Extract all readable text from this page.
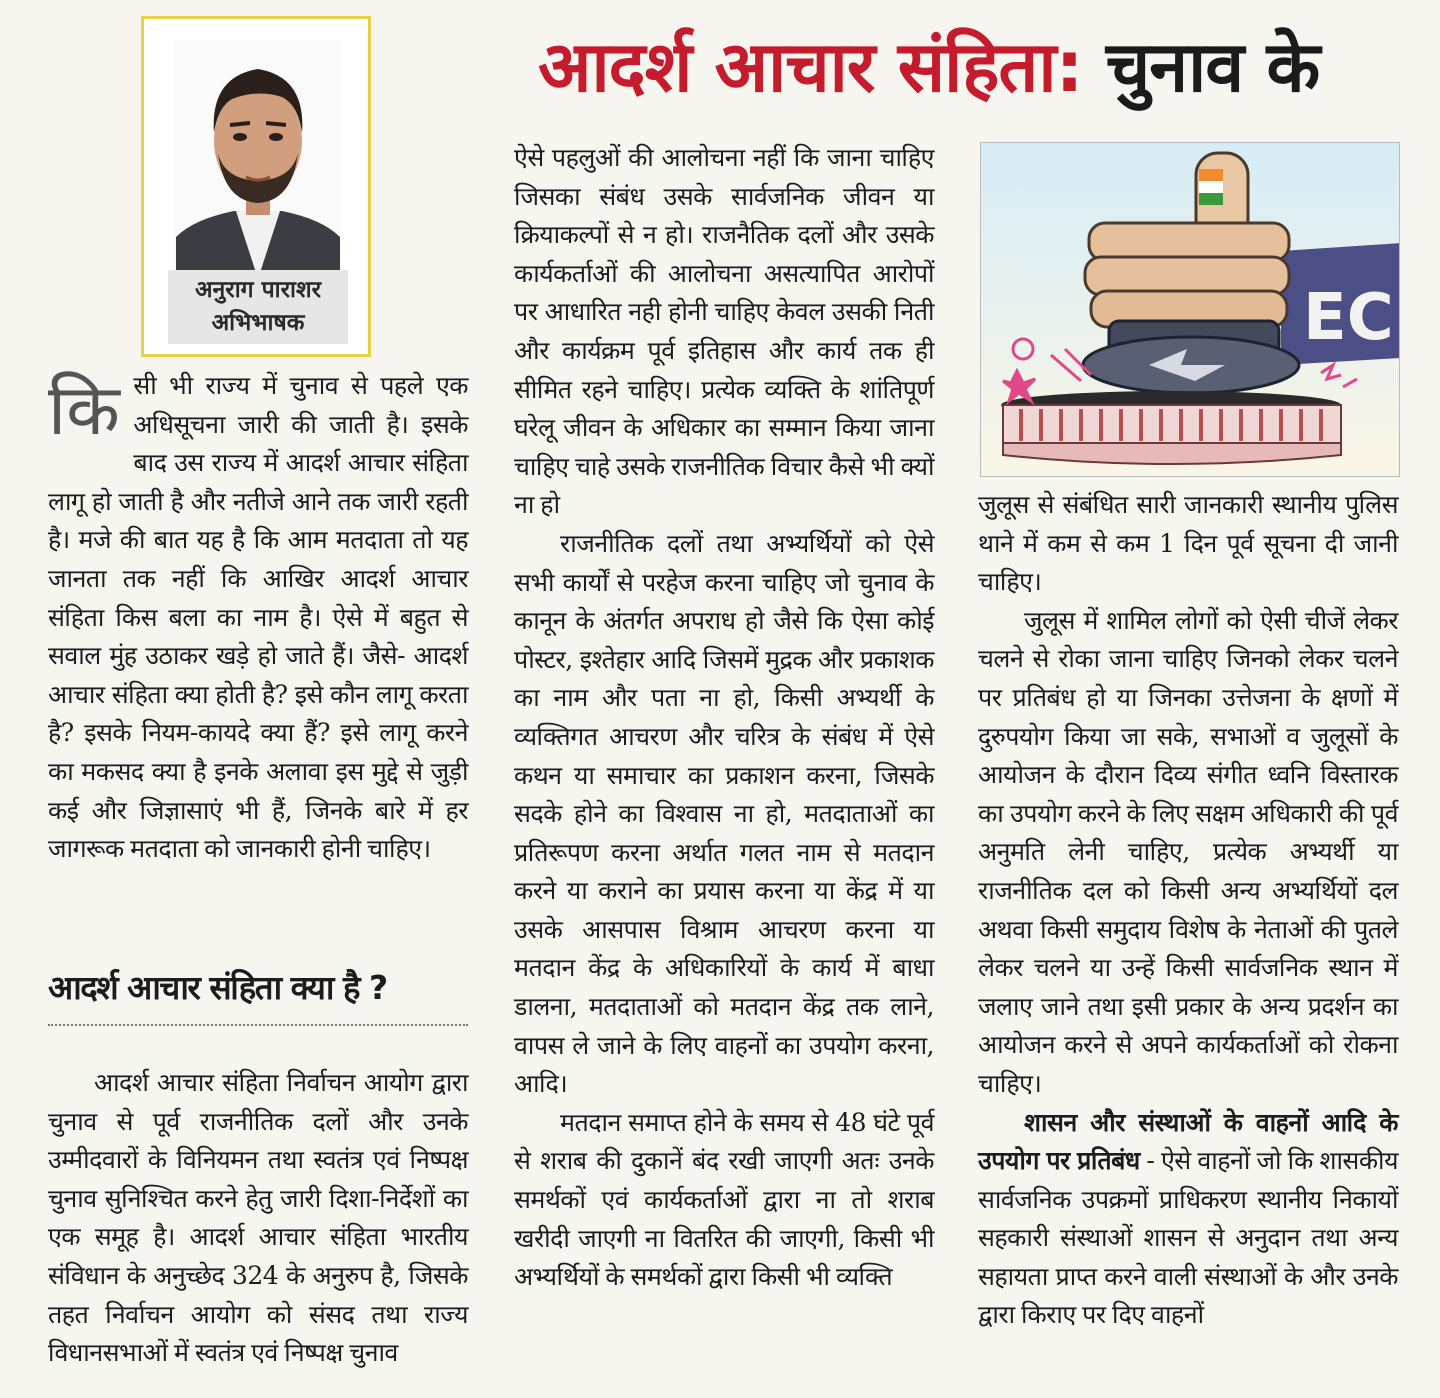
आदर्श आचार संहिता: चुनाव के
अनुराग पाराशर
अभिभाषक
कि सी भी राज्य में चुनाव से पहले एक अधिसूचना जारी की जाती है। इसके बाद उस राज्य में आदर्श आचार संहिता लागू हो जाती है और नतीजे आने तक जारी रहती है। मजे की बात यह है कि आम मतदाता तो यह जानता तक नहीं कि आखिर आदर्श आचार संहिता किस बला का नाम है। ऐसे में बहुत से सवाल मुंह उठाकर खड़े हो जाते हैं। जैसे- आदर्श आचार संहिता क्या होती है? इसे कौन लागू करता है? इसके नियम-कायदे क्या हैं? इसे लागू करने का मकसद क्या है इनके अलावा इस मुद्दे से जुड़ी कई और जिज्ञासाएं भी हैं, जिनके बारे में हर जागरूक मतदाता को जानकारी होनी चाहिए।

आदर्श आचार संहिता क्या है ?

आदर्श आचार संहिता निर्वाचन आयोग द्वारा चुनाव से पूर्व राजनीतिक दलों और उनके उम्मीदवारों के विनियमन तथा स्वतंत्र एवं निष्पक्ष चुनाव सुनिश्चित करने हेतु जारी दिशा-निर्देशों का एक समूह है। आदर्श आचार संहिता भारतीय संविधान के अनुच्छेद 324 के अनुरुप है, जिसके तहत निर्वाचन आयोग को संसद तथा राज्य विधानसभाओं में स्वतंत्र एवं निष्पक्ष चुनाव

ऐसे पहलुओं की आलोचना नहीं कि जाना चाहिए जिसका संबंध उसके सार्वजनिक जीवन या क्रियाकल्पों से न हो। राजनैतिक दलों और उसके कार्यकर्ताओं की आलोचना असत्यापित आरोपों पर आधारित नही होनी चाहिए केवल उसकी निती और कार्यक्रम पूर्व इतिहास और कार्य तक ही सीमित रहने चाहिए। प्रत्येक व्यक्ति के शांतिपूर्ण घरेलू जीवन के अधिकार का सम्मान किया जाना चाहिए चाहे उसके राजनीतिक विचार कैसे भी क्यों ना हो

राजनीतिक दलों तथा अभ्यर्थियों को ऐसे सभी कार्यों से परहेज करना चाहिए जो चुनाव के कानून के अंतर्गत अपराध हो जैसे कि ऐसा कोई पोस्टर, इश्तेहार आदि जिसमें मुद्रक और प्रकाशक का नाम और पता ना हो, किसी अभ्यर्थी के व्यक्तिगत आचरण और चरित्र के संबंध में ऐसे कथन या समाचार का प्रकाशन करना, जिसके सदके होने का विश्वास ना हो, मतदाताओं का प्रतिरूपण करना अर्थात गलत नाम से मतदान करने या कराने का प्रयास करना या केंद्र में या उसके आसपास विश्राम आचरण करना या मतदान केंद्र के अधिकारियों के कार्य में बाधा डालना, मतदाताओं को मतदान केंद्र तक लाने, वापस ले जाने के लिए वाहनों का उपयोग करना, आदि।

मतदान समाप्त होने के समय से 48 घंटे पूर्व से शराब की दुकानें बंद रखी जाएगी अतः उनके समर्थकों एवं कार्यकर्ताओं द्वारा ना तो शराब खरीदी जाएगी ना वितरित की जाएगी, किसी भी अभ्यर्थियों के समर्थकों द्वारा किसी भी व्यक्ति

EC

जुलूस से संबंधित सारी जानकारी स्थानीय पुलिस थाने में कम से कम 1 दिन पूर्व सूचना दी जानी चाहिए।

जुलूस में शामिल लोगों को ऐसी चीजें लेकर चलने से रोका जाना चाहिए जिनको लेकर चलने पर प्रतिबंध हो या जिनका उत्तेजना के क्षणों में दुरुपयोग किया जा सके, सभाओं व जुलूसों के आयोजन के दौरान दिव्य संगीत ध्वनि विस्तारक का उपयोग करने के लिए सक्षम अधिकारी की पूर्व अनुमति लेनी चाहिए, प्रत्येक अभ्यर्थी या राजनीतिक दल को किसी अन्य अभ्यर्थियों दल अथवा किसी समुदाय विशेष के नेताओं की पुतले लेकर चलने या उन्हें किसी सार्वजनिक स्थान में जलाए जाने तथा इसी प्रकार के अन्य प्रदर्शन का आयोजन करने से अपने कार्यकर्ताओं को रोकना चाहिए।

शासन और संस्थाओं के वाहनों आदि के उपयोग पर प्रतिबंध - ऐसे वाहनों जो कि शासकीय सार्वजनिक उपक्रमों प्राधिकरण स्थानीय निकायों सहकारी संस्थाओं शासन से अनुदान तथा अन्य सहायता प्राप्त करने वाली संस्थाओं के और उनके द्वारा किराए पर दिए वाहनों
